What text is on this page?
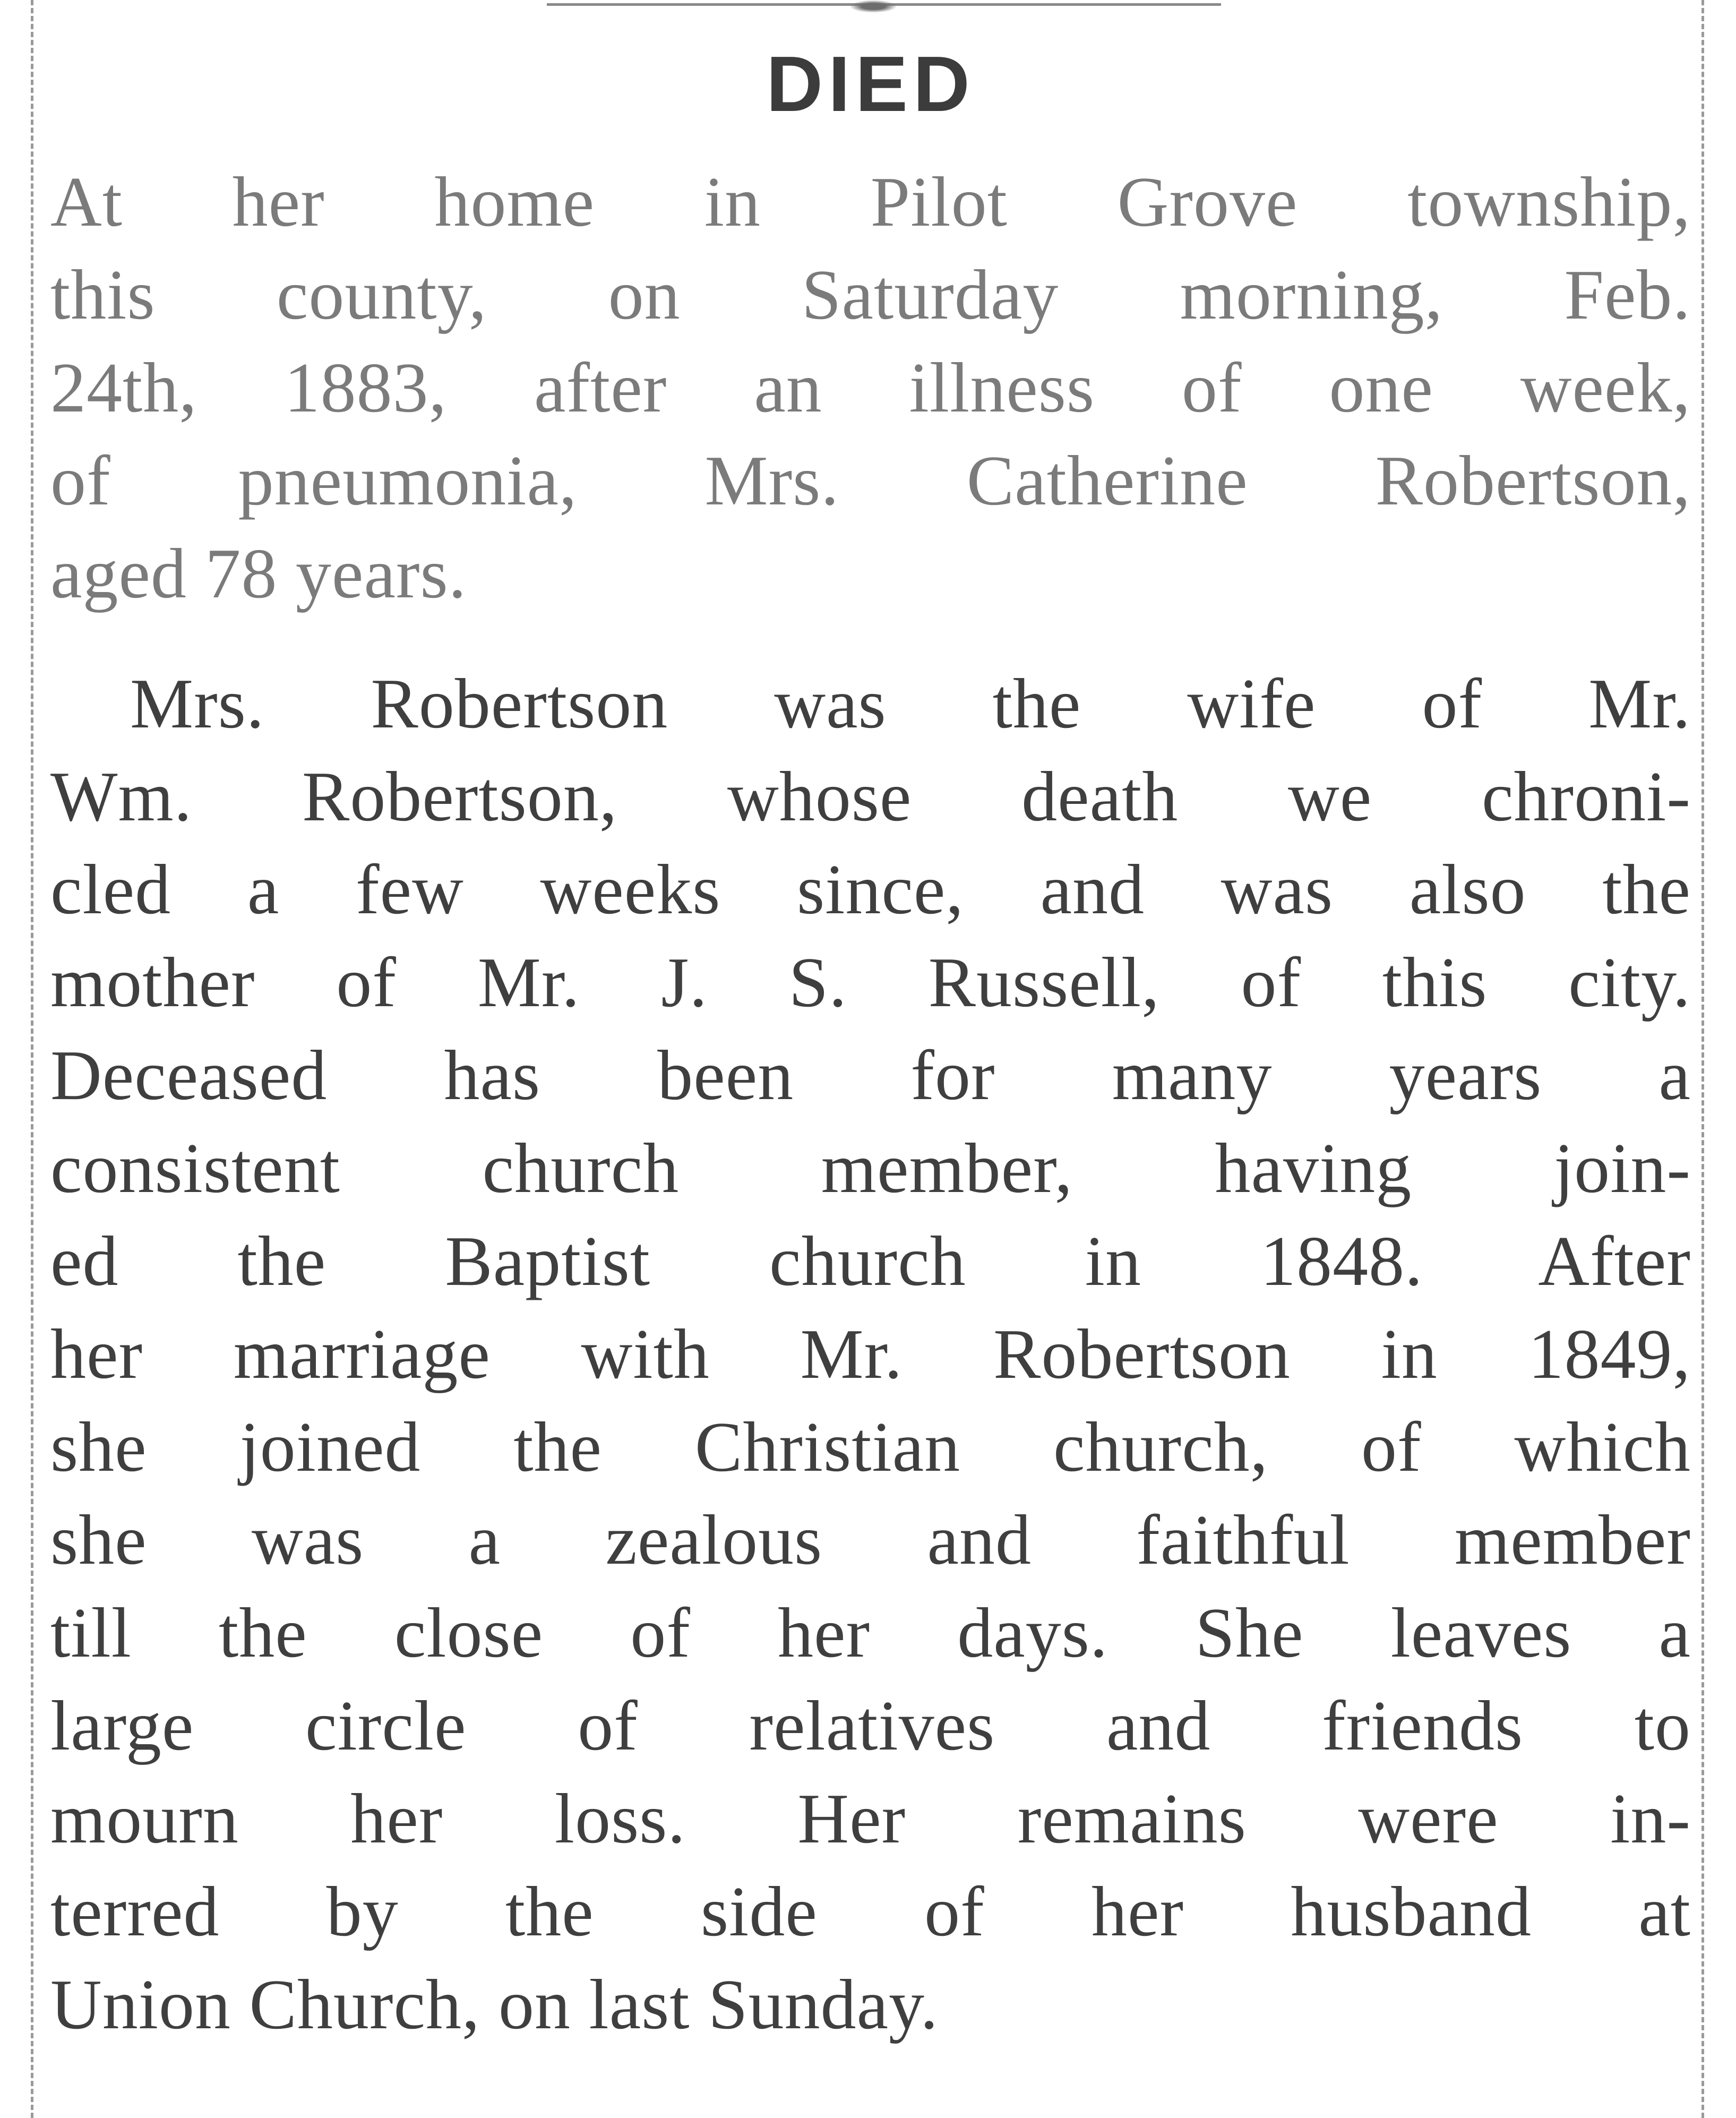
DIED
At her home in Pilot Grove township,
this county, on Saturday morning, Feb.
24th, 1883, after an illness of one week,
of pneumonia, Mrs. Catherine Robertson,
aged 78 years.
Mrs. Robertson was the wife of Mr.
Wm. Robertson, whose death we chroni-
cled a few weeks since, and was also the
mother of Mr. J. S. Russell, of this city.
Deceased has been for many years a
consistent church member, having join-
ed the Baptist church in 1848. After
her marriage with Mr. Robertson in 1849,
she joined the Christian church, of which
she was a zealous and faithful member
till the close of her days. She leaves a
large circle of relatives and friends to
mourn her loss. Her remains were in-
terred by the side of her husband at
Union Church, on last Sunday.
